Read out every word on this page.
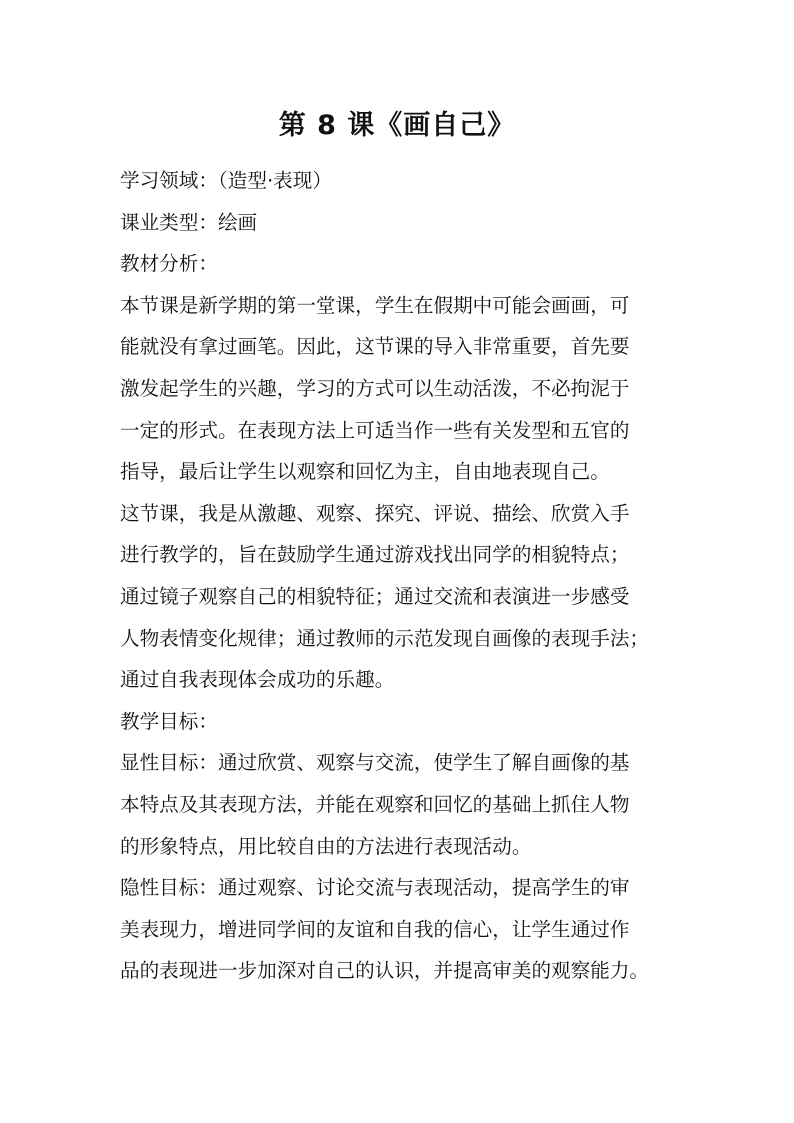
第 8 课《画自己》
学习领域：（造型·表现）
课业类型：绘画
教材分析：
本节课是新学期的第一堂课，学生在假期中可能会画画，可
能就没有拿过画笔。因此，这节课的导入非常重要，首先要
激发起学生的兴趣，学习的方式可以生动活泼，不必拘泥于
一定的形式。在表现方法上可适当作一些有关发型和五官的
指导，最后让学生以观察和回忆为主，自由地表现自己。
这节课，我是从激趣、观察、探究、评说、描绘、欣赏入手
进行教学的，旨在鼓励学生通过游戏找出同学的相貌特点；
通过镜子观察自己的相貌特征；通过交流和表演进一步感受
人物表情变化规律；通过教师的示范发现自画像的表现手法；
通过自我表现体会成功的乐趣。
教学目标：
显性目标：通过欣赏、观察与交流，使学生了解自画像的基
本特点及其表现方法，并能在观察和回忆的基础上抓住人物
的形象特点，用比较自由的方法进行表现活动。
隐性目标：通过观察、讨论交流与表现活动，提高学生的审
美表现力，增进同学间的友谊和自我的信心，让学生通过作
品的表现进一步加深对自己的认识，并提高审美的观察能力。
